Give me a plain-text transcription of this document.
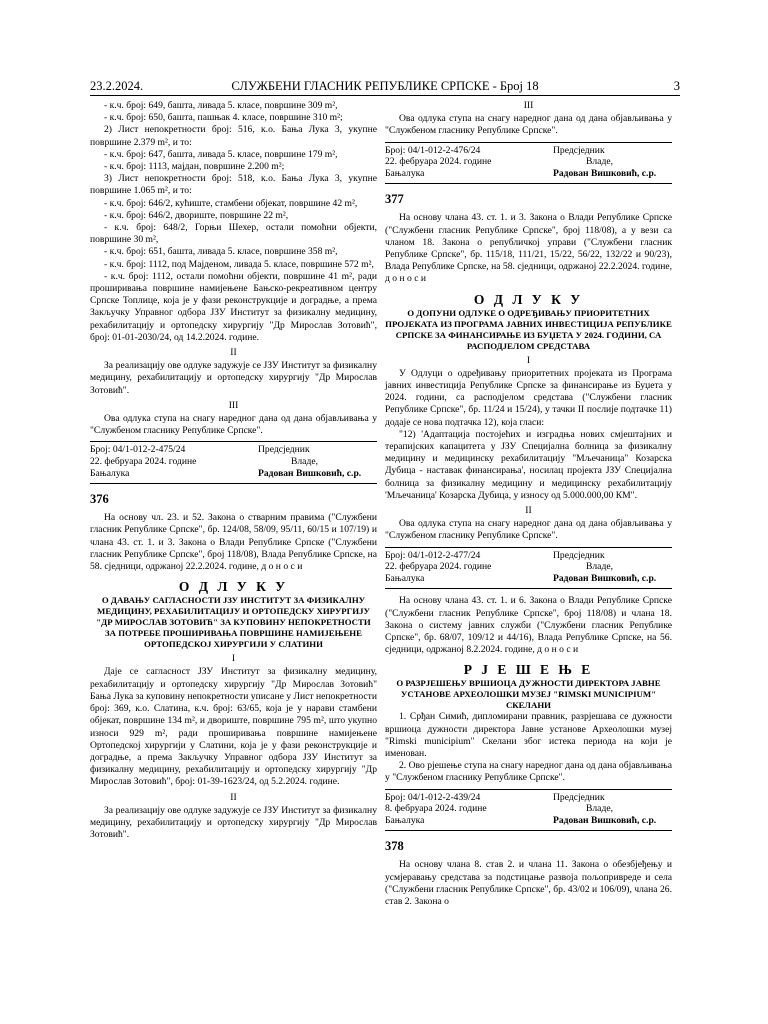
23.2.2024.	СЛУЖБЕНИ ГЛАСНИК РЕПУБЛИКЕ СРПСКЕ - Број 18	3

- к.ч. број: 649, башта, ливада 5. класе, површине 309 m²,

- к.ч. број: 650, башта, пашњак 4. класе, површине 310 m²;

2) Лист непокретности број: 516, к.о. Бања Лука 3, укупне површине 2.379 m², и то:

- к.ч. број: 647, башта, ливада 5. класе, површине 179 m²,

- к.ч. број: 1113, мајдан, површине 2.200 m²;

3) Лист непокретности број: 518, к.о. Бања Лука 3, укупне површине 1.065 m², и то:

- к.ч. број: 646/2, кућиште, стамбени објекат, површине 42 m²,

- к.ч. број: 646/2, двориште, површине 22 m²,

- к.ч. број: 648/2, Горњи Шехер, остали помоћни објекти, површине 30 m²,

- к.ч. број: 651, башта, ливада 5. класе, површине 358 m²,

- к.ч. број: 1112, под Мајденом, ливада 5. класе, површине 572 m²,

- к.ч. број: 1112, остали помоћни објекти, површине 41 m², ради проширивања површине намијењене Бањско-рекреативном центру Српске Топлице, која је у фази реконструкције и доградње, а према Закључку Управног одбора ЈЗУ Институт за физикалну медицину, рехабилитацију и ортопедску хирургију "Др Мирослав Зотовић", број: 01-01-2030/24, од 14.2.2024. године.

II

За реализацију ове одлуке задужује се ЈЗУ Институт за физикалну медицину, рехабилитацију и ортопедску хирургију "Др Мирослав Зотовић".

III

Ова одлука ступа на снагу наредног дана од дана објављивања у "Службеном гласнику Републике Српске".

Број: 04/1-012-2-475/24	Предсједник
22. фебруара 2024. године	Владе,
Бањалука	Радован Вишковић, с.р.
376

На основу чл. 23. и 52. Закона о стварним правима ("Службени гласник Републике Српске", бр. 124/08, 58/09, 95/11, 60/15 и 107/19) и члана 43. ст. 1. и 3. Закона о Влади Републике Српске ("Службени гласник Републике Српске", број 118/08), Влада Републике Српске, на 58. сједници, одржаној 22.2.2024. године, д о н о с и

О Д Л У К У

О ДАВАЊУ САГЛАСНОСТИ ЈЗУ ИНСТИТУТ ЗА ФИЗИКАЛНУ МЕДИЦИНУ, РЕХАБИЛИТАЦИЈУ И ОРТОПЕДСКУ ХИРУРГИЈУ "ДР МИРОСЛАВ ЗОТОВИЋ" ЗА КУПОВИНУ НЕПОКРЕТНОСТИ ЗА ПОТРЕБЕ ПРОШИРИВАЊА ПОВРШИНЕ НАМИЈЕЊЕНЕ ОРТОПЕДСКОЈ ХИРУРГИЈИ У СЛАТИНИ

I

Даје се сагласност ЈЗУ Институт за физикалну медицину, рехабилитацију и ортопедску хирургију "Др Мирослав Зотовић" Бања Лука за куповину непокретности уписане у Лист непокретности број: 369, к.о. Слатина, к.ч. број: 63/65, која је у нарави стамбени објекат, површине 134 m², и двориште, површине 795 m², што укупно износи 929 m², ради проширивања површине намијењене Ортопедској хирургији у Слатини, која је у фази реконструкције и доградње, а према Закључку Управног одбора ЈЗУ Институт за физикалну медицину, рехабилитацију и ортопедску хирургију "Др Мирослав Зотовић", број: 01-39-1623/24, од 5.2.2024. године.

II

За реализацију ове одлуке задужује се ЈЗУ Институт за физикалну медицину, рехабилитацију и ортопедску хирургију "Др Мирослав Зотовић".

III

Ова одлука ступа на снагу наредног дана од дана објављивања у "Службеном гласнику Републике Српске".

Број: 04/1-012-2-476/24	Предсједник
22. фебруара 2024. године	Владе,
Бањалука	Радован Вишковић, с.р.
377

На основу члана 43. ст. 1. и 3. Закона о Влади Републике Српске ("Службени гласник Републике Српске", број 118/08), а у вези са чланом 18. Закона о републичкој управи ("Службени гласник Републике Српске", бр. 115/18, 111/21, 15/22, 56/22, 132/22 и 90/23), Влада Републике Српске, на 58. сједници, одржаној 22.2.2024. године, д о н о с и

О Д Л У К У

О ДОПУНИ ОДЛУКЕ О ОДРЕЂИВАЊУ ПРИОРИТЕТНИХ ПРОЈЕКАТА ИЗ ПРОГРАМА ЈАВНИХ ИНВЕСТИЦИЈА РЕПУБЛИКЕ СРПСКЕ ЗА ФИНАНСИРАЊЕ ИЗ БУЏЕТА У 2024. ГОДИНИ, СА РАСПОДЈЕЛОМ СРЕДСТАВА

I

У Одлуци о одређивању приоритетних пројеката из Програма јавних инвестиција Републике Српске за финансирање из Буџета у 2024. години, са расподјелом средстава ("Службени гласник Републике Српске", бр. 11/24 и 15/24), у тачки II послије подтачке 11) додаје се нова подтачка 12), која гласи:

"12) 'Адаптација постојећих и изградња нових смјештајних и терапијских капацитета у ЈЗУ Специјална болница за физикалну медицину и медицинску рехабилитацију "Мљечаница" Козарска Дубица - наставак финансирања', носилац пројекта ЈЗУ Специјална болница за физикалну медицину и медицинску рехабилитацију 'Мљечаница' Козарска Дубица, у износу од 5.000.000,00 КМ".

II

Ова одлука ступа на снагу наредног дана од дана објављивања у "Службеном гласнику Републике Српске".

Број: 04/1-012-2-477/24	Предсједник
22. фебруара 2024. године	Владе,
Бањалука	Радован Вишковић, с.р.

На основу члана 43. ст. 1. и 6. Закона о Влади Републике Српске ("Службени гласник Републике Српске", број 118/08) и члана 18. Закона о систему јавних служби ("Службени гласник Републике Српске", бр. 68/07, 109/12 и 44/16), Влада Републике Српске, на 56. сједници, одржаној 8.2.2024. године, д о н о с и

Р Ј Е Ш Е Њ Е

О РАЗРЈЕШЕЊУ ВРШИОЦА ДУЖНОСТИ ДИРЕКТОРА ЈАВНЕ УСТАНОВЕ АРХЕОЛОШКИ МУЗЕЈ "RIMSKI MUNICIPIUM" СКЕЛАНИ

1. Срђан Симић, дипломирани правник, разрјешава се дужности вршиоца дужности директора Јавне установе Археолошки музеј "Rimski municipium" Скелани због истека периода на који је именован.

2. Ово рјешење ступа на снагу наредног дана од дана објављивања у "Службеном гласнику Републике Српске".

Број: 04/1-012-2-439/24	Предсједник
8. фебруара 2024. године	Владе,
Бањалука	Радован Вишковић, с.р.
378

На основу члана 8. став 2. и члана 11. Закона о обезбјеђењу и усмјеравању средстава за подстицање развоја пољопривреде и села ("Службени гласник Републике Српске", бр. 43/02 и 106/09), члана 26. став 2. Закона о
